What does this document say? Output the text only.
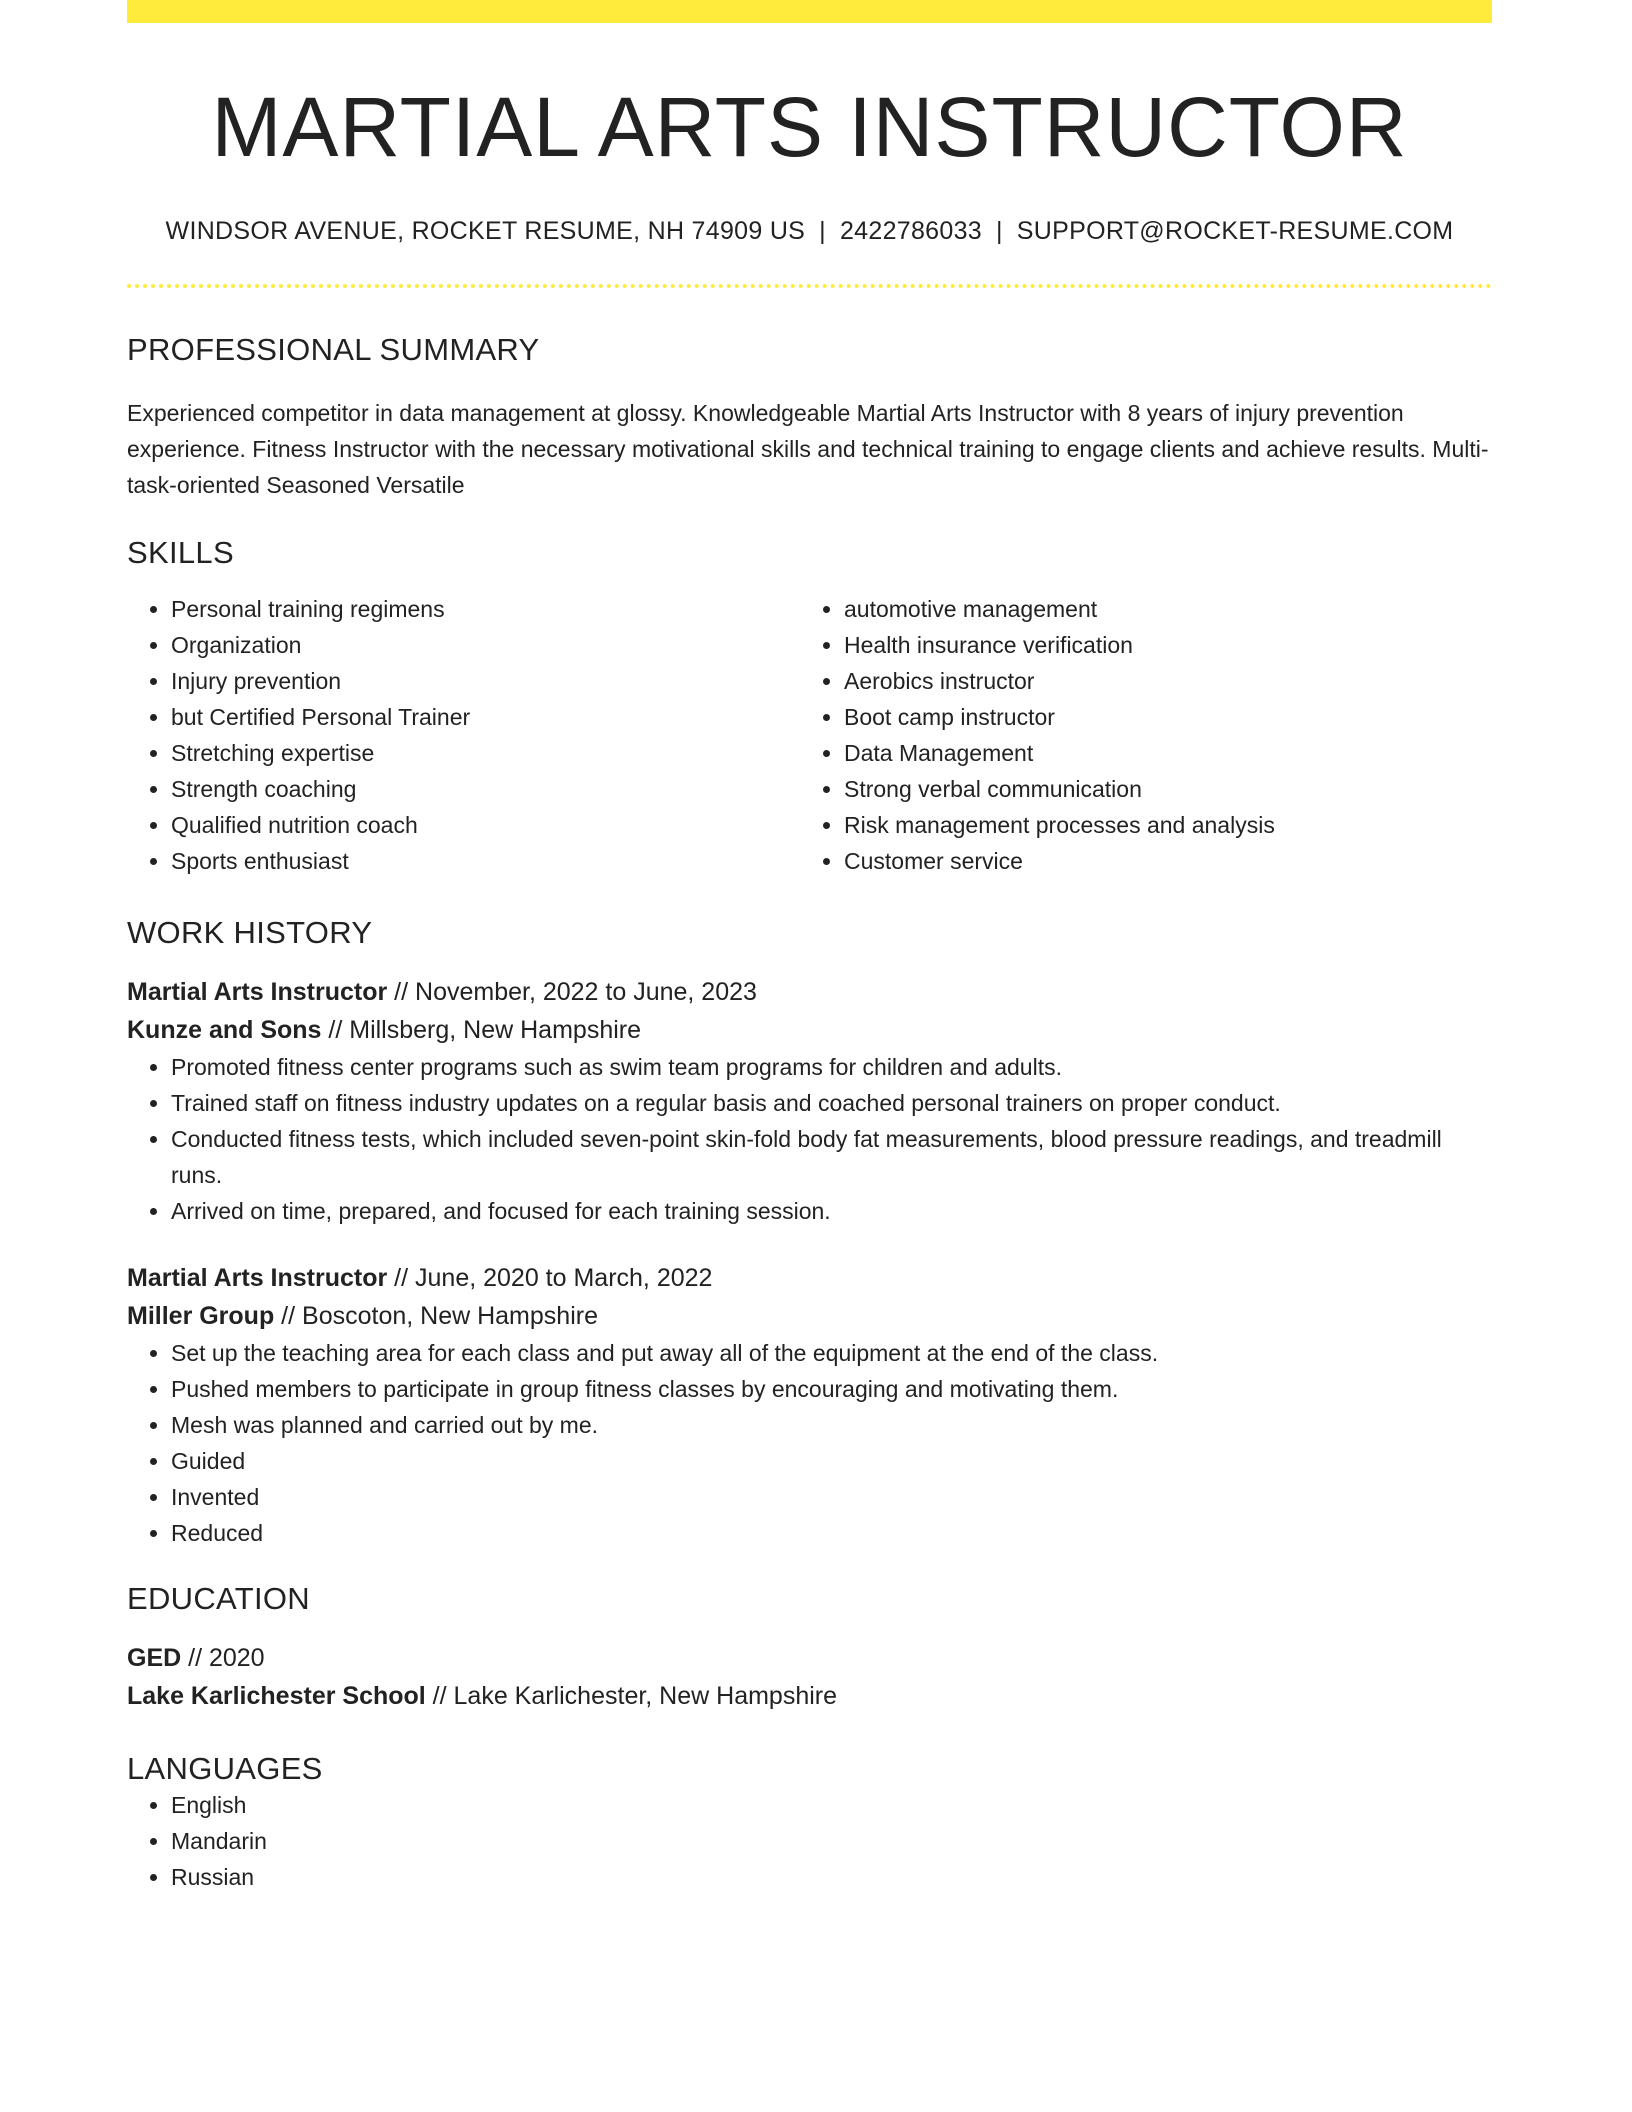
MARTIAL ARTS INSTRUCTOR
WINDSOR AVENUE, ROCKET RESUME, NH 74909 US | 2422786033 | SUPPORT@ROCKET-RESUME.COM
PROFESSIONAL SUMMARY
Experienced competitor in data management at glossy. Knowledgeable Martial Arts Instructor with 8 years of injury prevention experience. Fitness Instructor with the necessary motivational skills and technical training to engage clients and achieve results. Multi-task-oriented Seasoned Versatile
SKILLS
• Personal training regimens
• Organization
• Injury prevention
• but Certified Personal Trainer
• Stretching expertise
• Strength coaching
• Qualified nutrition coach
• Sports enthusiast
• automotive management
• Health insurance verification
• Aerobics instructor
• Boot camp instructor
• Data Management
• Strong verbal communication
• Risk management processes and analysis
• Customer service
WORK HISTORY
Martial Arts Instructor // November, 2022 to June, 2023
Kunze and Sons // Millsberg, New Hampshire
• Promoted fitness center programs such as swim team programs for children and adults.
• Trained staff on fitness industry updates on a regular basis and coached personal trainers on proper conduct.
• Conducted fitness tests, which included seven-point skin-fold body fat measurements, blood pressure readings, and treadmill runs.
• Arrived on time, prepared, and focused for each training session.
Martial Arts Instructor // June, 2020 to March, 2022
Miller Group // Boscoton, New Hampshire
• Set up the teaching area for each class and put away all of the equipment at the end of the class.
• Pushed members to participate in group fitness classes by encouraging and motivating them.
• Mesh was planned and carried out by me.
• Guided
• Invented
• Reduced
EDUCATION
GED // 2020
Lake Karlichester School // Lake Karlichester, New Hampshire
LANGUAGES
• English
• Mandarin
• Russian
